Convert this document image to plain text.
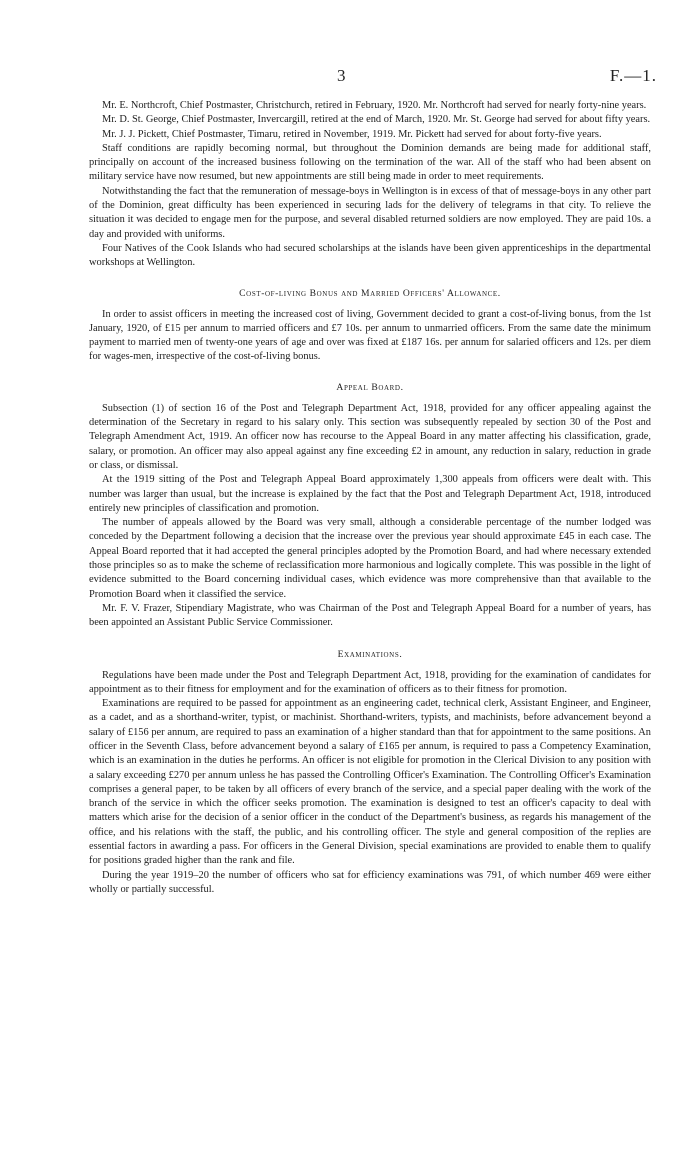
3	F.—1.

Mr. E. Northcroft, Chief Postmaster, Christchurch, retired in February, 1920. Mr. Northcroft had served for nearly forty-nine years.

Mr. D. St. George, Chief Postmaster, Invercargill, retired at the end of March, 1920. Mr. St. George had served for about fifty years.

Mr. J. J. Pickett, Chief Postmaster, Timaru, retired in November, 1919. Mr. Pickett had served for about forty-five years.

Staff conditions are rapidly becoming normal, but throughout the Dominion demands are being made for additional staff, principally on account of the increased business following on the termination of the war. All of the staff who had been absent on military service have now resumed, but new appointments are still being made in order to meet requirements.

Notwithstanding the fact that the remuneration of message-boys in Wellington is in excess of that of message-boys in any other part of the Dominion, great difficulty has been experienced in securing lads for the delivery of telegrams in that city. To relieve the situation it was decided to engage men for the purpose, and several disabled returned soldiers are now employed. They are paid 10s. a day and provided with uniforms.

Four Natives of the Cook Islands who had secured scholarships at the islands have been given apprenticeships in the departmental workshops at Wellington.

Cost-of-living Bonus and Married Officers' Allowance.

In order to assist officers in meeting the increased cost of living, Government decided to grant a cost-of-living bonus, from the 1st January, 1920, of £15 per annum to married officers and £7 10s. per annum to unmarried officers. From the same date the minimum payment to married men of twenty-one years of age and over was fixed at £187 16s. per annum for salaried officers and 12s. per diem for wages-men, irrespective of the cost-of-living bonus.

Appeal Board.

Subsection (1) of section 16 of the Post and Telegraph Department Act, 1918, provided for any officer appealing against the determination of the Secretary in regard to his salary only. This section was subsequently repealed by section 30 of the Post and Telegraph Amendment Act, 1919. An officer now has recourse to the Appeal Board in any matter affecting his classification, grade, salary, or promotion. An officer may also appeal against any fine exceeding £2 in amount, any reduction in salary, reduction in grade or class, or dismissal.

At the 1919 sitting of the Post and Telegraph Appeal Board approximately 1,300 appeals from officers were dealt with. This number was larger than usual, but the increase is explained by the fact that the Post and Telegraph Department Act, 1918, introduced entirely new principles of classification and promotion.

The number of appeals allowed by the Board was very small, although a considerable percentage of the number lodged was conceded by the Department following a decision that the increase over the previous year should approximate £45 in each case. The Appeal Board reported that it had accepted the general principles adopted by the Promotion Board, and had where necessary extended those principles so as to make the scheme of reclassification more harmonious and logically complete. This was possible in the light of evidence submitted to the Board concerning individual cases, which evidence was more comprehensive than that available to the Promotion Board when it classified the service.

Mr. F. V. Frazer, Stipendiary Magistrate, who was Chairman of the Post and Telegraph Appeal Board for a number of years, has been appointed an Assistant Public Service Commissioner.

Examinations.

Regulations have been made under the Post and Telegraph Department Act, 1918, providing for the examination of candidates for appointment as to their fitness for employment and for the examination of officers as to their fitness for promotion.

Examinations are required to be passed for appointment as an engineering cadet, technical clerk, Assistant Engineer, and Engineer, as a cadet, and as a shorthand-writer, typist, or machinist. Shorthand-writers, typists, and machinists, before advancement beyond a salary of £156 per annum, are required to pass an examination of a higher standard than that for appointment to the same positions. An officer in the Seventh Class, before advancement beyond a salary of £165 per annum, is required to pass a Competency Examination, which is an examination in the duties he performs. An officer is not eligible for promotion in the Clerical Division to any position with a salary exceeding £270 per annum unless he has passed the Controlling Officer's Examination. The Controlling Officer's Examination comprises a general paper, to be taken by all officers of every branch of the service, and a special paper dealing with the work of the branch of the service in which the officer seeks promotion. The examination is designed to test an officer's capacity to deal with matters which arise for the decision of a senior officer in the conduct of the Department's business, as regards his management of the office, and his relations with the staff, the public, and his controlling officer. The style and general composition of the replies are essential factors in awarding a pass. For officers in the General Division, special examinations are provided to enable them to qualify for positions graded higher than the rank and file.

During the year 1919–20 the number of officers who sat for efficiency examinations was 791, of which number 469 were either wholly or partially successful.
